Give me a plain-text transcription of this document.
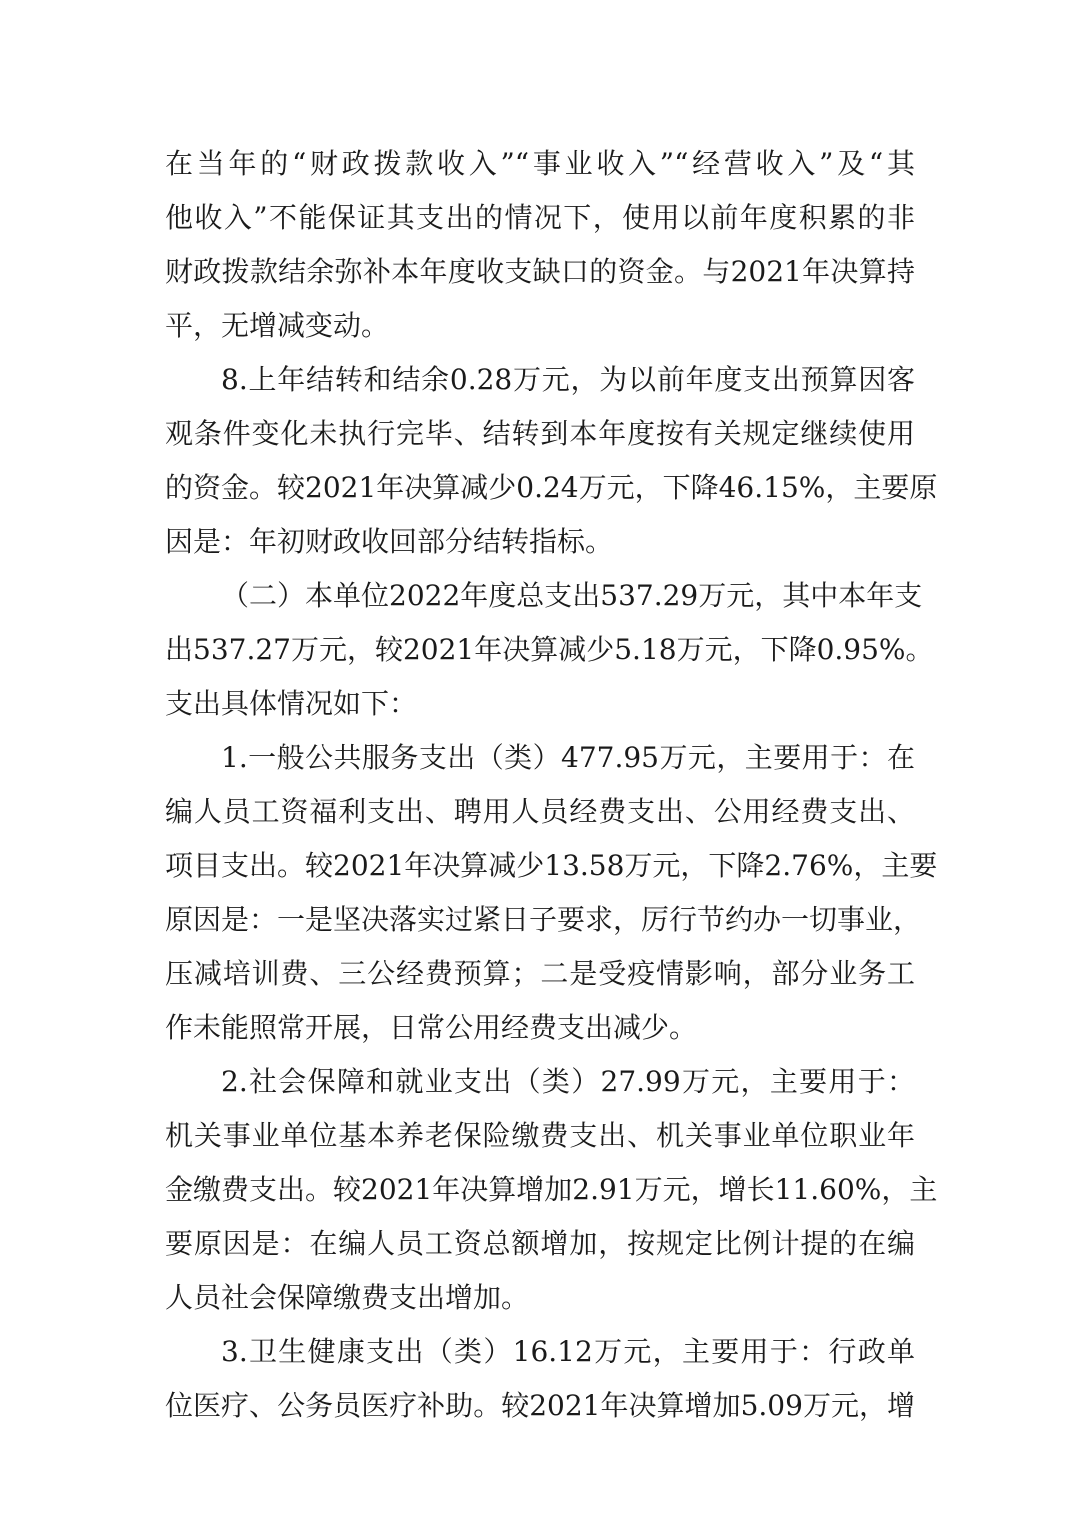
在当年的“财政拨款收入”“事业收入”“经营收入”及“其
他收入”不能保证其支出的情况下，使用以前年度积累的非
财政拨款结余弥补本年度收支缺口的资金。与2021年决算持
平，无增减变动。
8.上年结转和结余0.28万元，为以前年度支出预算因客
观条件变化未执行完毕、结转到本年度按有关规定继续使用
的资金。较2021年决算减少0.24万元，下降46.15%，主要原
因是：年初财政收回部分结转指标。
（二）本单位2022年度总支出537.29万元，其中本年支
出537.27万元，较2021年决算减少5.18万元，下降0.95%。
支出具体情况如下：
1.一般公共服务支出（类）477.95万元，主要用于：在
编人员工资福利支出、聘用人员经费支出、公用经费支出、
项目支出。较2021年决算减少13.58万元，下降2.76%，主要
原因是：一是坚决落实过紧日子要求，厉行节约办一切事业，
压减培训费、三公经费预算；二是受疫情影响，部分业务工
作未能照常开展，日常公用经费支出减少。
2.社会保障和就业支出（类）27.99万元，主要用于：
机关事业单位基本养老保险缴费支出、机关事业单位职业年
金缴费支出。较2021年决算增加2.91万元，增长11.60%，主
要原因是：在编人员工资总额增加，按规定比例计提的在编
人员社会保障缴费支出增加。
3.卫生健康支出（类）16.12万元，主要用于：行政单
位医疗、公务员医疗补助。较2021年决算增加5.09万元，增
